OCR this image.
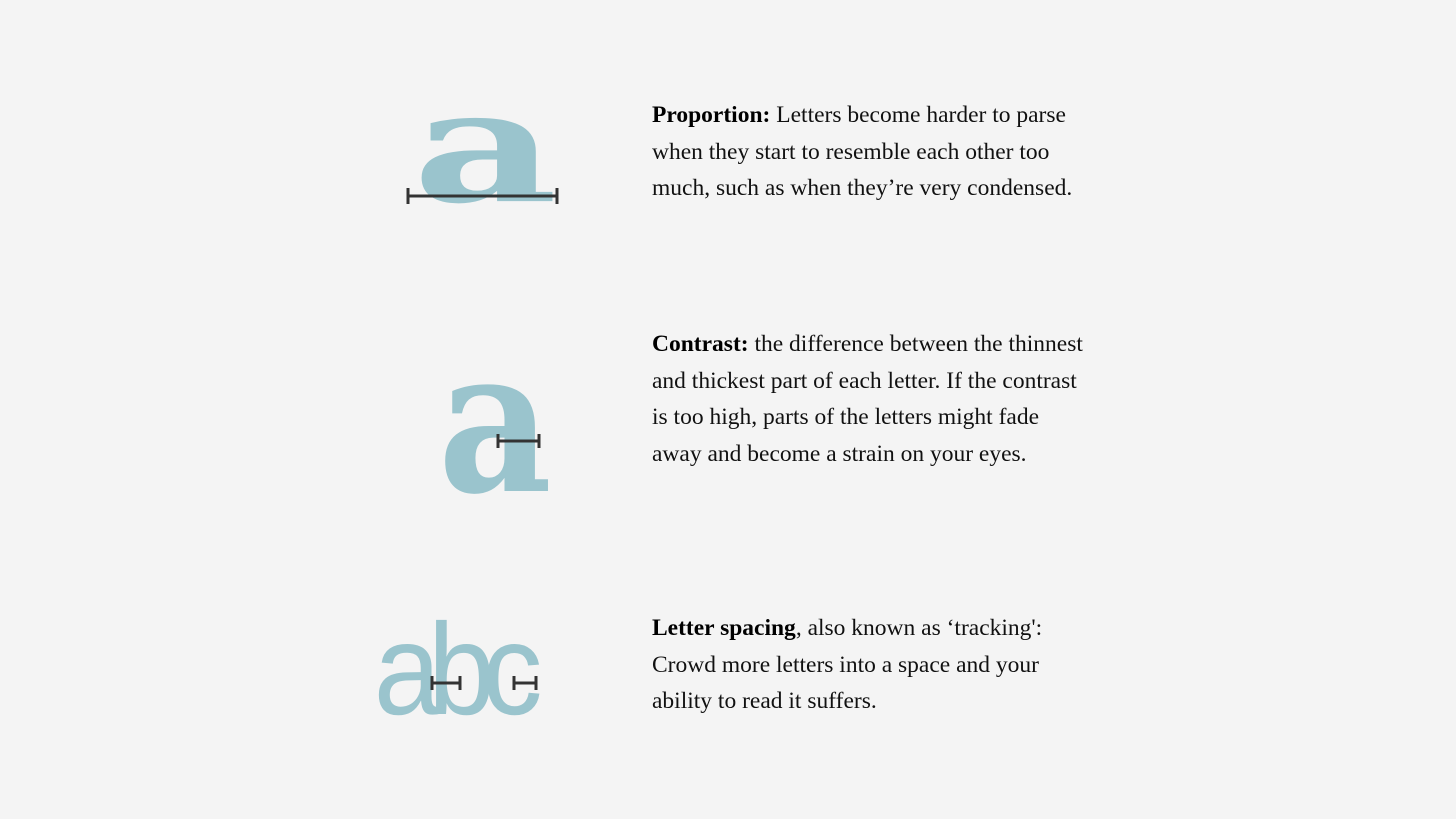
a	Proportion: Letters become harder to parse when they start to resemble each other too much, such as when they’re very condensed.

a	Contrast: the difference between the thinnest and thickest part of each letter. If the contrast is too high, parts of the letters might fade away and become a strain on your eyes.

abc	Letter spacing, also known as ‘tracking': Crowd more letters into a space and your ability to read it suffers.
